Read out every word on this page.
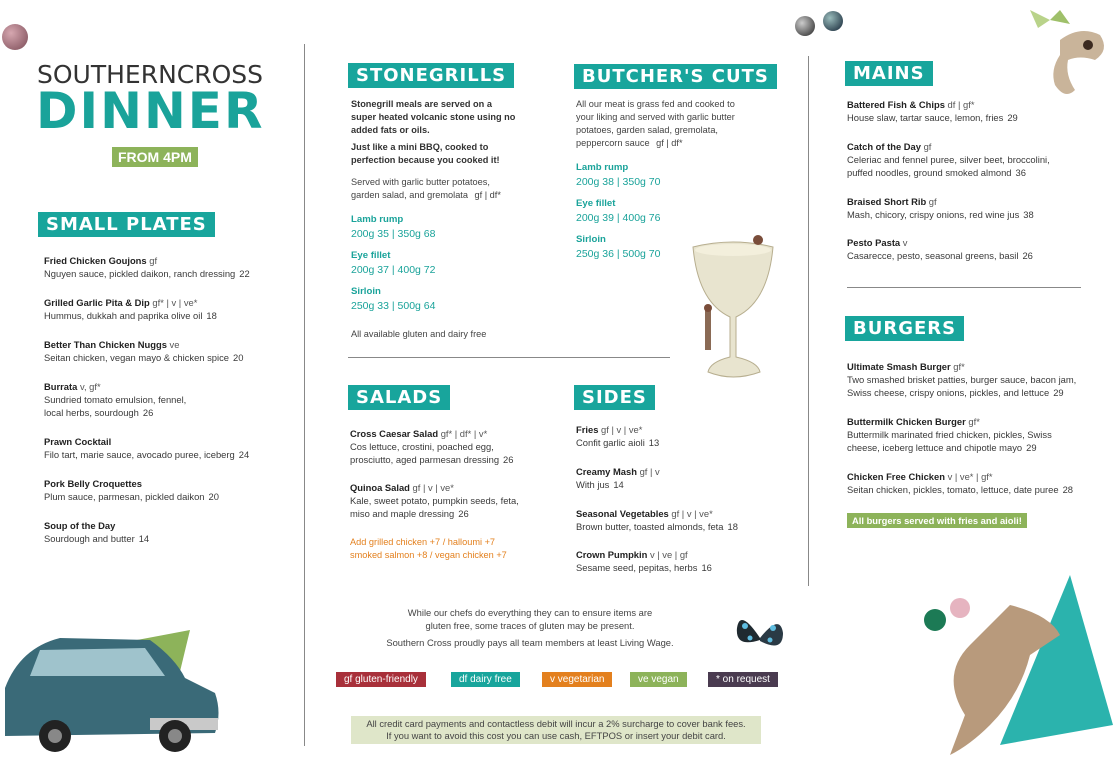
SOUTHERNCROSS
DINNER
FROM 4PM
SMALL PLATES
Fried Chicken Goujons gf
Nguyen sauce, pickled daikon, ranch dressing 22
Grilled Garlic Pita & Dip gf* | v | ve*
Hummus, dukkah and paprika olive oil 18
Better Than Chicken Nuggs ve
Seitan chicken, vegan mayo & chicken spice 20
Burrata v, gf*
Sundried tomato emulsion, fennel,
local herbs, sourdough 26
Prawn Cocktail
Filo tart, marie sauce, avocado puree, iceberg 24
Pork Belly Croquettes
Plum sauce, parmesan, pickled daikon 20
Soup of the Day
Sourdough and butter 14
STONEGRILLS
Stonegrill meals are served on a
super heated volcanic stone using no
added fats or oils.
Just like a mini BBQ, cooked to
perfection because you cooked it!
Served with garlic butter potatoes,
garden salad, and gremolata gf | df*
Lamb rump
200g 35 | 350g 68
Eye fillet
200g 37 | 400g 72
Sirloin
250g 33 | 500g 64
All available gluten and dairy free
BUTCHER'S CUTS
All our meat is grass fed and cooked to
your liking and served with garlic butter
potatoes, garden salad, gremolata,
peppercorn sauce gf | df*
Lamb rump
200g 38 | 350g 70
Eye fillet
200g 39 | 400g 76
Sirloin
250g 36 | 500g 70
SALADS
Cross Caesar Salad gf* | df* | v*
Cos lettuce, crostini, poached egg,
prosciutto, aged parmesan dressing 26
Quinoa Salad gf | v | ve*
Kale, sweet potato, pumpkin seeds, feta,
miso and maple dressing 26
Add grilled chicken +7 / halloumi +7
smoked salmon +8 / vegan chicken +7
SIDES
Fries gf | v | ve*
Confit garlic aioli 13
Creamy Mash gf | v
With jus 14
Seasonal Vegetables gf | v | ve*
Brown butter, toasted almonds, feta 18
Crown Pumpkin v | ve | gf
Sesame seed, pepitas, herbs 16
MAINS
Battered Fish & Chips df | gf*
House slaw, tartar sauce, lemon, fries 29
Catch of the Day gf
Celeriac and fennel puree, silver beet, broccolini,
puffed noodles, ground smoked almond 36
Braised Short Rib gf
Mash, chicory, crispy onions, red wine jus 38
Pesto Pasta v
Casarecce, pesto, seasonal greens, basil 26
BURGERS
Ultimate Smash Burger gf*
Two smashed brisket patties, burger sauce, bacon jam,
Swiss cheese, crispy onions, pickles, and lettuce 29
Buttermilk Chicken Burger gf*
Buttermilk marinated fried chicken, pickles, Swiss
cheese, iceberg lettuce and chipotle mayo 29
Chicken Free Chicken v | ve* | gf*
Seitan chicken, pickles, tomato, lettuce, date puree 28
All burgers served with fries and aioli!
While our chefs do everything they can to ensure items are
gluten free, some traces of gluten may be present.
Southern Cross proudly pays all team members at least Living Wage.
gf gluten-friendly	df dairy free	v vegetarian	ve vegan	* on request
All credit card payments and contactless debit will incur a 2% surcharge to cover bank fees.
If you want to avoid this cost you can use cash, EFTPOS or insert your debit card.
